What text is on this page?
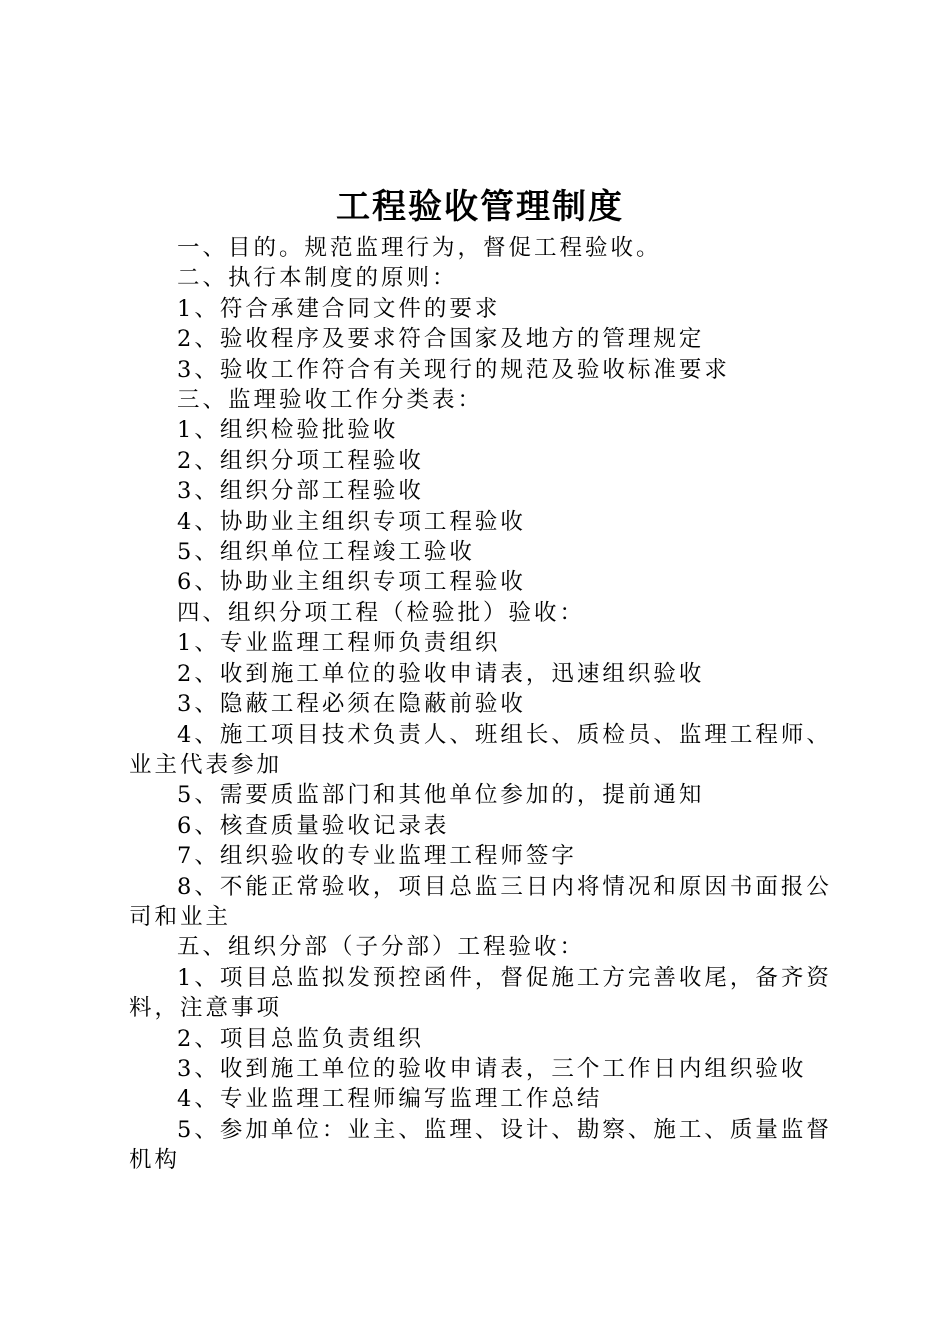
工程验收管理制度

一、目的。规范监理行为，督促工程验收。

二、执行本制度的原则：

1、符合承建合同文件的要求

2、验收程序及要求符合国家及地方的管理规定

3、验收工作符合有关现行的规范及验收标准要求

三、监理验收工作分类表：

1、组织检验批验收

2、组织分项工程验收

3、组织分部工程验收

4、协助业主组织专项工程验收

5、组织单位工程竣工验收

6、协助业主组织专项工程验收

四、组织分项工程（检验批）验收：

1、专业监理工程师负责组织

2、收到施工单位的验收申请表，迅速组织验收

3、隐蔽工程必须在隐蔽前验收

4、施工项目技术负责人、班组长、质检员、监理工程师、业主代表参加

5、需要质监部门和其他单位参加的，提前通知

6、核查质量验收记录表

7、组织验收的专业监理工程师签字

8、不能正常验收，项目总监三日内将情况和原因书面报公司和业主

五、组织分部（子分部）工程验收：

1、项目总监拟发预控函件，督促施工方完善收尾，备齐资料，注意事项

2、项目总监负责组织

3、收到施工单位的验收申请表，三个工作日内组织验收

4、专业监理工程师编写监理工作总结

5、参加单位：业主、监理、设计、勘察、施工、质量监督机构
